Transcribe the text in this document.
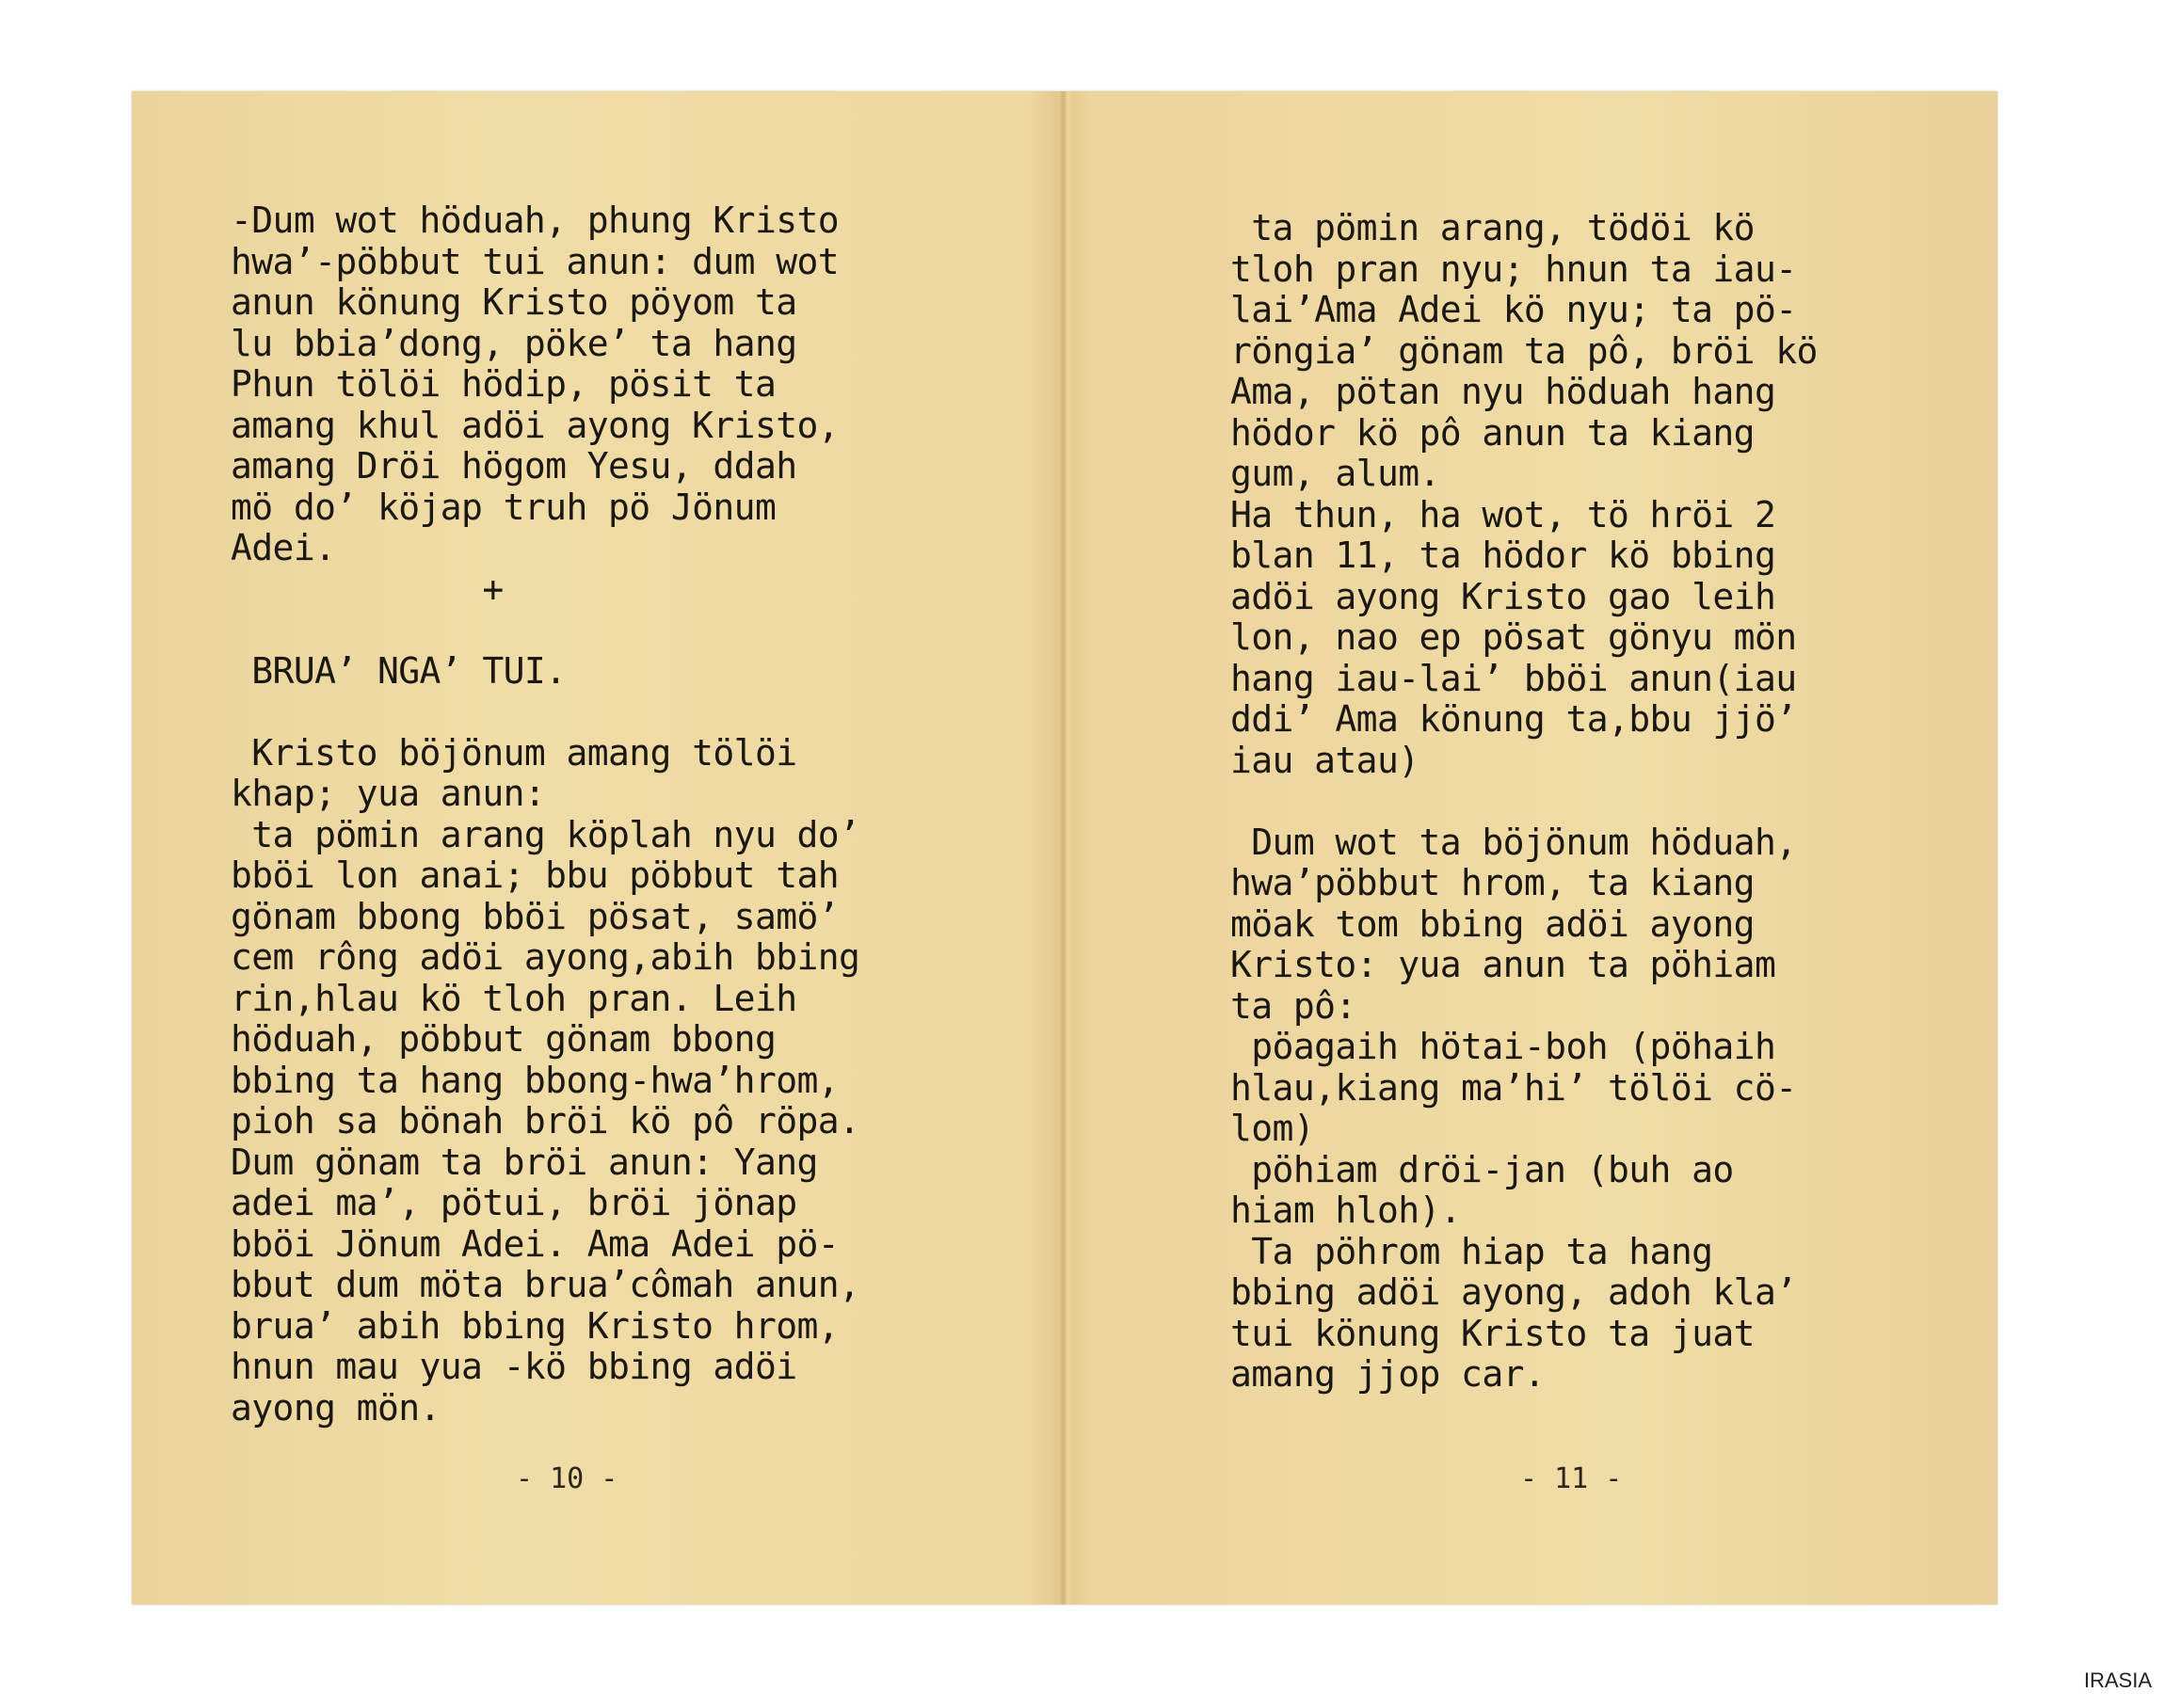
-Dum wot höduah, phung Kristo
hwa’-pöbbut tui anun: dum wot
anun könung Kristo pöyom ta
lu bbia’dong, pöke’ ta hang
Phun tölöi hödip, pösit ta
amang khul adöi ayong Kristo,
amang Dröi högom Yesu, ddah
mö do’ köjap truh pö Jönum
Adei.
+

BRUA’ NGA’ TUI.

Kristo böjönum amang tölöi
khap; yua anun:
ta pömin arang köplah nyu do’
bböi lon anai; bbu pöbbut tah
gönam bbong bböi pösat, samö’
cem rông adöi ayong,abih bbing
rin,hlau kö tloh pran. Leih
höduah, pöbbut gönam bbong
bbing ta hang bbong-hwa’hrom,
pioh sa bönah bröi kö pô röpa.
Dum gönam ta bröi anun: Yang
adei ma’, pötui, bröi jönap
bböi Jönum Adei. Ama Adei pö-
bbut dum möta brua’cômah anun,
brua’ abih bbing Kristo hrom,
hnun mau yua -kö bbing adöi
ayong mön.
- 10 -
ta pömin arang, tödöi kö
tloh pran nyu; hnun ta iau-
lai’Ama Adei kö nyu; ta pö-
röngia’ gönam ta pô, bröi kö
Ama, pötan nyu höduah hang
hödor kö pô anun ta kiang
gum, alum.
Ha thun, ha wot, tö hröi 2
blan 11, ta hödor kö bbing
adöi ayong Kristo gao leih
lon, nao ep pösat gönyu mön
hang iau-lai’ bböi anun(iau
ddi’ Ama könung ta,bbu jjö’
iau atau)

Dum wot ta böjönum höduah,
hwa’pöbbut hrom, ta kiang
möak tom bbing adöi ayong
Kristo: yua anun ta pöhiam
ta pô:
pöagaih hötai-boh (pöhaih
hlau,kiang ma’hi’ tölöi cö-
lom)
pöhiam dröi-jan (buh ao
hiam hloh).
Ta pöhrom hiap ta hang
bbing adöi ayong, adoh kla’
tui könung Kristo ta juat
amang jjop car.
- 11 -
IRASIA
